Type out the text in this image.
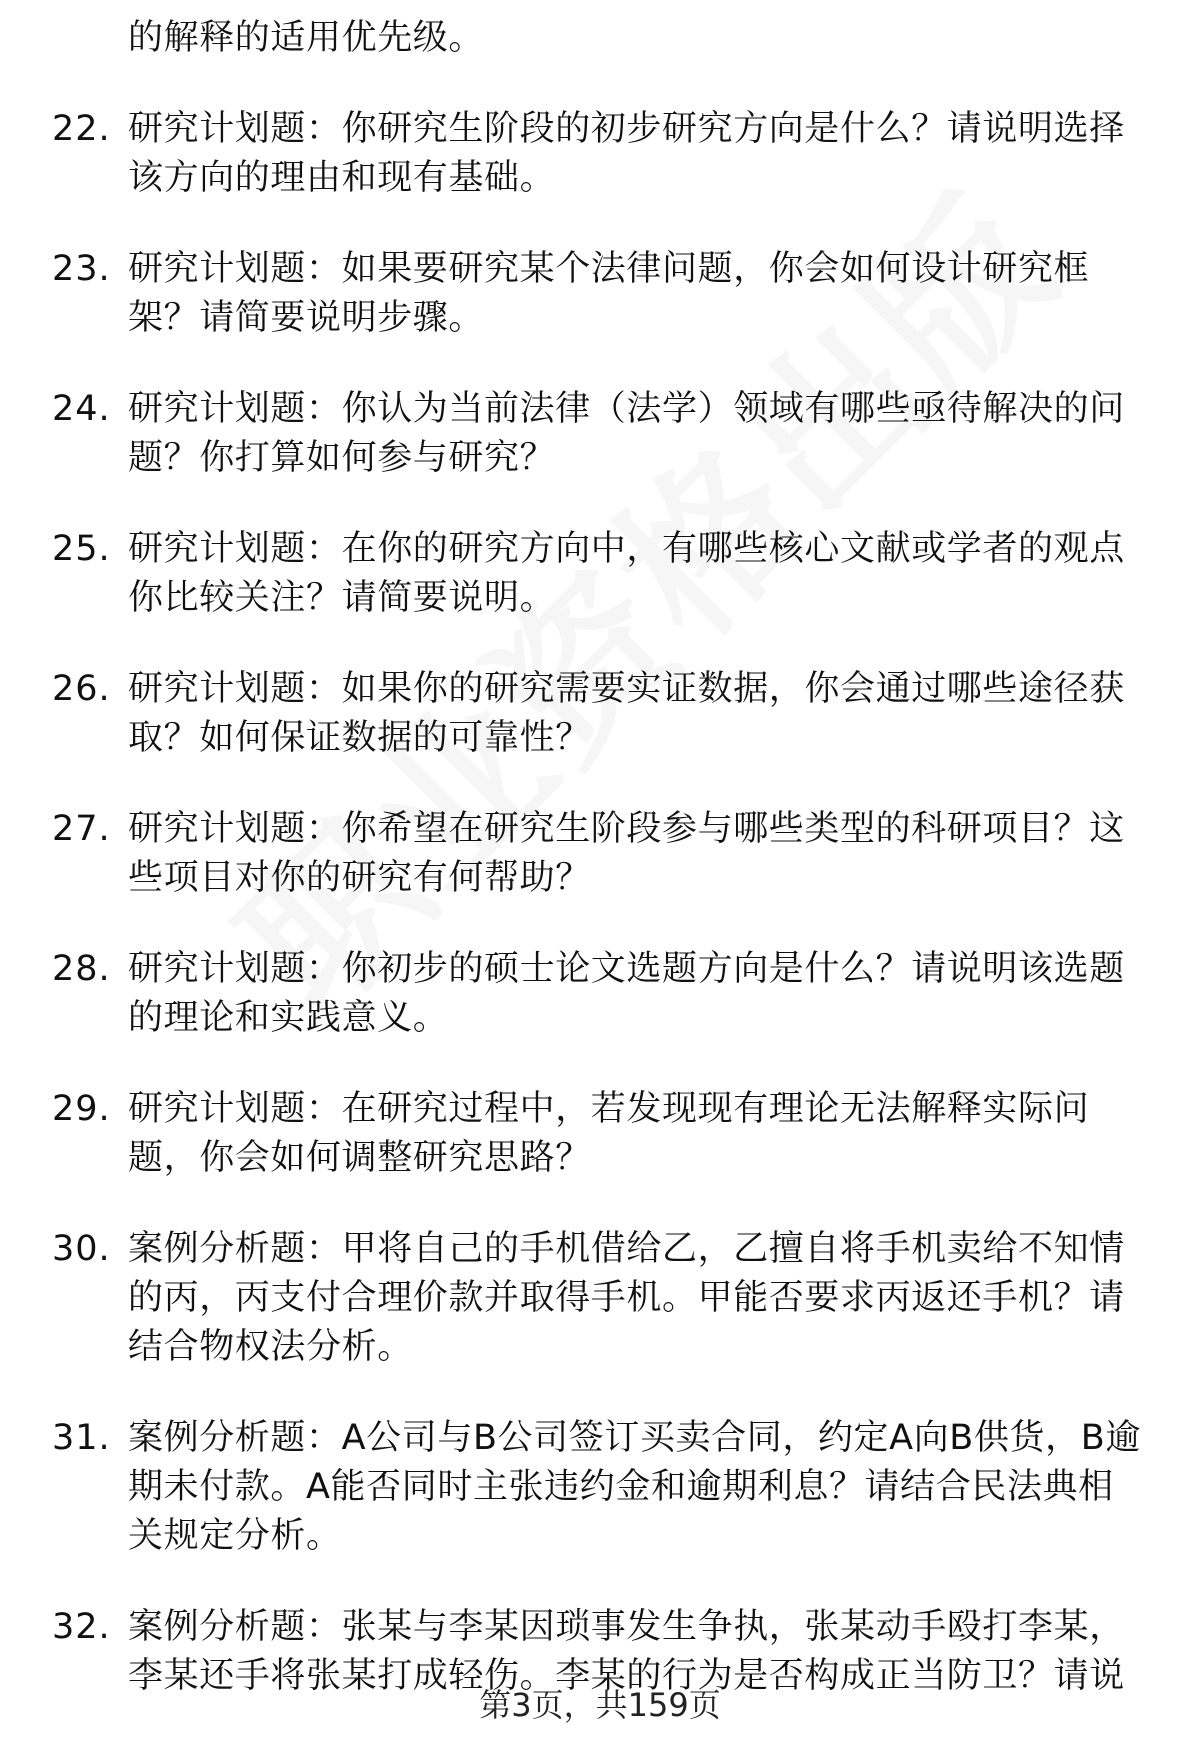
的解释的适用优先级。
22. 研究计划题：你研究生阶段的初步研究方向是什么？请说明选择该方向的理由和现有基础。
23. 研究计划题：如果要研究某个法律问题，你会如何设计研究框架？请简要说明步骤。
24. 研究计划题：你认为当前法律（法学）领域有哪些亟待解决的问题？你打算如何参与研究？
25. 研究计划题：在你的研究方向中，有哪些核心文献或学者的观点你比较关注？请简要说明。
26. 研究计划题：如果你的研究需要实证数据，你会通过哪些途径获取？如何保证数据的可靠性？
27. 研究计划题：你希望在研究生阶段参与哪些类型的科研项目？这些项目对你的研究有何帮助？
28. 研究计划题：你初步的硕士论文选题方向是什么？请说明该选题的理论和实践意义。
29. 研究计划题：在研究过程中，若发现现有理论无法解释实际问题，你会如何调整研究思路？
30. 案例分析题：甲将自己的手机借给乙，乙擅自将手机卖给不知情的丙，丙支付合理价款并取得手机。甲能否要求丙返还手机？请结合物权法分析。
31. 案例分析题：A公司与B公司签订买卖合同，约定A向B供货，B逾期未付款。A能否同时主张违约金和逾期利息？请结合民法典相关规定分析。
32. 案例分析题：张某与李某因琐事发生争执，张某动手殴打李某，李某还手将张某打成轻伤。李某的行为是否构成正当防卫？请说
第3页，共159页
